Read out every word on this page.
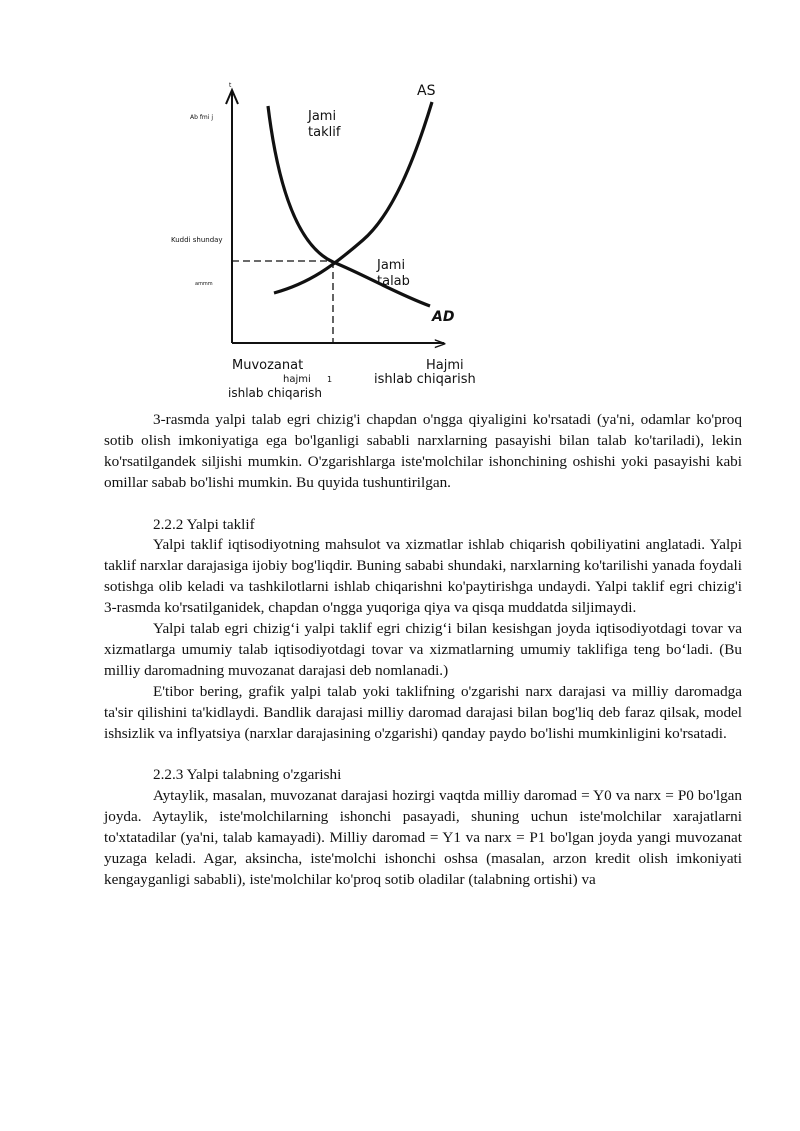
>
t
Ab fmi j
Kuddi shunday
ammm
AS
Jami
taklif
Jami
talab
AD
Muvozanat
hajmi 1
ishlab chiqarish
Hajmi
ishlab chiqarish

3-rasmda yalpi talab egri chizig'i chapdan o'ngga qiyaligini ko'rsatadi (ya'ni, odamlar ko'proq sotib olish imkoniyatiga ega bo'lganligi sababli narxlarning pasayishi bilan talab ko'tariladi), lekin ko'rsatilgandek siljishi mumkin. O'zgarishlarga iste'molchilar ishonchining oshishi yoki pasayishi kabi omillar sabab bo'lishi mumkin. Bu quyida tushuntirilgan.

2.2.2 Yalpi taklif

Yalpi taklif iqtisodiyotning mahsulot va xizmatlar ishlab chiqarish qobiliyatini anglatadi. Yalpi taklif narxlar darajasiga ijobiy bog'liqdir. Buning sababi shundaki, narxlarning ko'tarilishi yanada foydali sotishga olib keladi va tashkilotlarni ishlab chiqarishni ko'paytirishga undaydi. Yalpi taklif egri chizig'i 3-rasmda ko'rsatilganidek, chapdan o'ngga yuqoriga qiya va qisqa muddatda siljimaydi.

Yalpi talab egri chizig‘i yalpi taklif egri chizig‘i bilan kesishgan joyda iqtisodiyotdagi tovar va xizmatlarga umumiy talab iqtisodiyotdagi tovar va xizmatlarning umumiy taklifiga teng bo‘ladi. (Bu milliy daromadning muvozanat darajasi deb nomlanadi.)

E'tibor bering, grafik yalpi talab yoki taklifning o'zgarishi narx darajasi va milliy daromadga ta'sir qilishini ta'kidlaydi. Bandlik darajasi milliy daromad darajasi bilan bog'liq deb faraz qilsak, model ishsizlik va inflyatsiya (narxlar darajasining o'zgarishi) qanday paydo bo'lishi mumkinligini ko'rsatadi.

2.2.3 Yalpi talabning o'zgarishi

Aytaylik, masalan, muvozanat darajasi hozirgi vaqtda milliy daromad = Y0 va narx = P0 bo'lgan joyda. Aytaylik, iste'molchilarning ishonchi pasayadi, shuning uchun iste'molchilar xarajatlarni to'xtatadilar (ya'ni, talab kamayadi). Milliy daromad = Y1 va narx = P1 bo'lgan joyda yangi muvozanat yuzaga keladi. Agar, aksincha, iste'molchi ishonchi oshsa (masalan, arzon kredit olish imkoniyati kengayganligi sababli), iste'molchilar ko'proq sotib oladilar (talabning ortishi) va
